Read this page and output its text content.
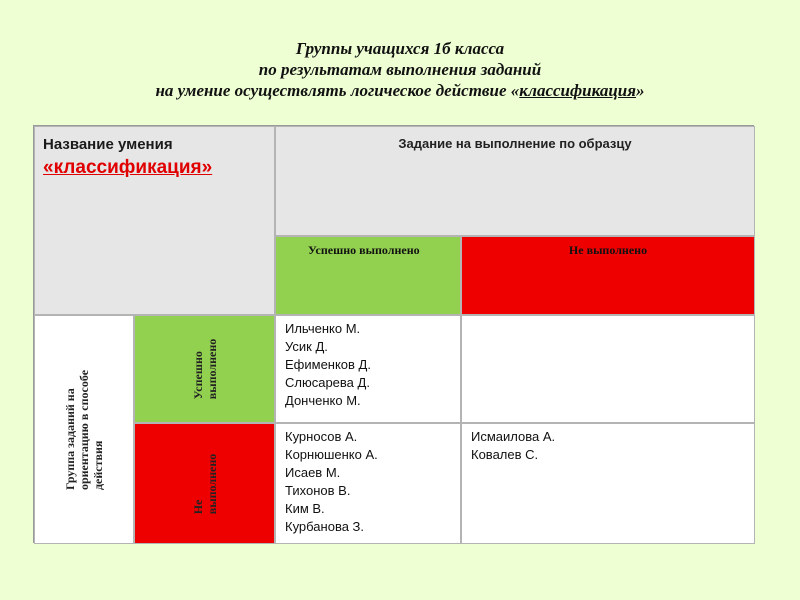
Группы учащихся 1б класса
по результатам выполнения заданий
на умение осуществлять логическое действие «классификация»
Название умения
«классификация»
Задание на выполнение по образцу
Успешно выполнено	Не выполнено
Группа заданий на ориентацию в способе действия
Успешно выполнено
Не выполнено
Ильченко М.
Усик Д.
Ефименков Д.
Слюсарева Д.
Донченко М.
Курносов А.
Корнюшенко А.
Исаев М.
Тихонов В.
Ким В.
Курбанова З.
Исмаилова А.
Ковалев С.
